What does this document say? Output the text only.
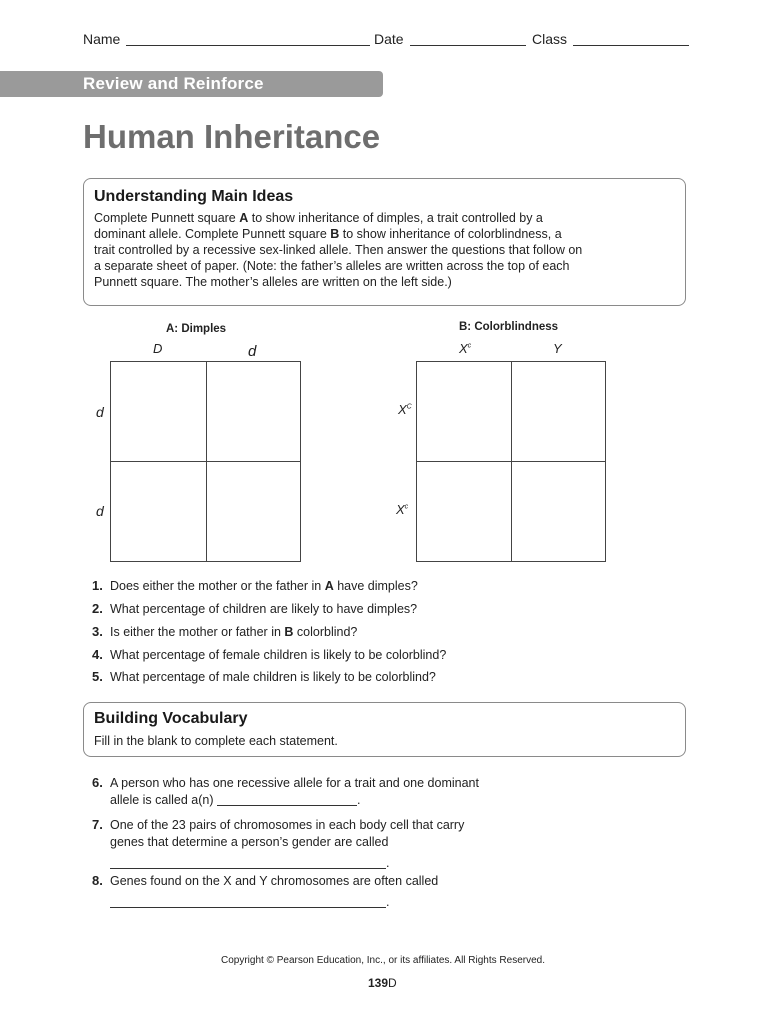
Name	Date	Class
Review and Reinforce
Human Inheritance
Understanding Main Ideas
Complete Punnett square A to show inheritance of dimples, a trait controlled by a
dominant allele. Complete Punnett square B to show inheritance of colorblindness, a
trait controlled by a recessive sex-linked allele. Then answer the questions that follow on
a separate sheet of paper. (Note: the father’s alleles are written across the top of each
Punnett square. The mother’s alleles are written on the left side.)
A: Dimples
D	d
d
d
B: Colorblindness
$X^c$	Y
$X^C$
$X^c$
1. Does either the mother or the father in A have dimples?
2. What percentage of children are likely to have dimples?
3. Is either the mother or father in B colorblind?
4. What percentage of female children is likely to be colorblind?
5. What percentage of male children is likely to be colorblind?
Building Vocabulary
Fill in the blank to complete each statement.
6. A person who has one recessive allele for a trait and one dominant
allele is called a(n)	.
7. One of the 23 pairs of chromosomes in each body cell that carry
genes that determine a person’s gender are called
.
8. Genes found on the X and Y chromosomes are often called
.
Copyright © Pearson Education, Inc., or its affiliates. All Rights Reserved.
139D
